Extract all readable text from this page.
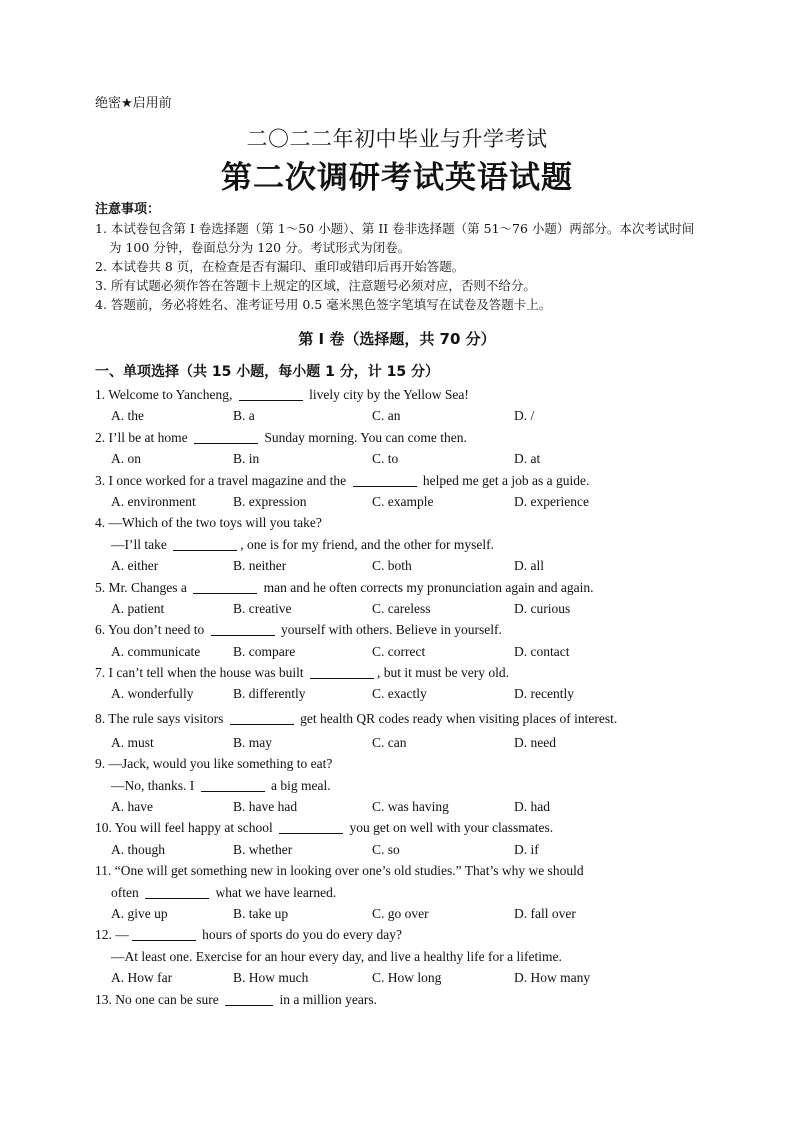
绝密★启用前
二〇二二年初中毕业与升学考试
第二次调研考试英语试题
注意事项：
1. 本试卷包含第 I 卷选择题（第 1～50 小题）、第 II 卷非选择题（第 51～76 小题）两部分。本次考试时间为 100 分钟，卷面总分为 120 分。考试形式为闭卷。
2. 本试卷共 8 页，在检查是否有漏印、重印或错印后再开始答题。
3. 所有试题必须作答在答题卡上规定的区域，注意题号必须对应，否则不给分。
4. 答题前，务必将姓名、准考证号用 0.5 毫米黑色签字笔填写在试卷及答题卡上。
第 I 卷（选择题，共 70 分）
一、单项选择（共 15 小题，每小题 1 分，计 15 分）
1. Welcome to Yancheng,	lively city by the Yellow Sea!
A. the	B. a	C. an	D. /
2. I’ll be at home	Sunday morning. You can come then.
A. on	B. in	C. to	D. at
3. I once worked for a travel magazine and the	helped me get a job as a guide.
A. environment	B. expression	C. example	D. experience
4. —Which of the two toys will you take?
—I’ll take	, one is for my friend, and the other for myself.
A. either	B. neither	C. both	D. all
5. Mr. Changes a	man and he often corrects my pronunciation again and again.
A. patient	B. creative	C. careless	D. curious
6. You don’t need to	yourself with others. Believe in yourself.
A. communicate B. compare	C. correct	D. contact
7. I can’t tell when the house was built	, but it must be very old.
A. wonderfully	B. differently	C. exactly	D. recently
8. The rule says visitors	get health QR codes ready when visiting places of interest.
A. must	B. may	C. can	D. need
9. —Jack, would you like something to eat?
—No, thanks. I	a big meal.
A. have	B. have had	C. was having	D. had
10. You will feel happy at school	you get on well with your classmates.
A. though	B. whether	C. so	D. if
11. “One will get something new in looking over one’s old studies.” That’s why we should
often	what we have learned.
A. give up	B. take up	C. go over	D. fall over
12. —	hours of sports do you do every day?
—At least one. Exercise for an hour every day, and live a healthy life for a lifetime.
A. How far	B. How much	C. How long	D. How many
13. No one can be sure	in a million years.
